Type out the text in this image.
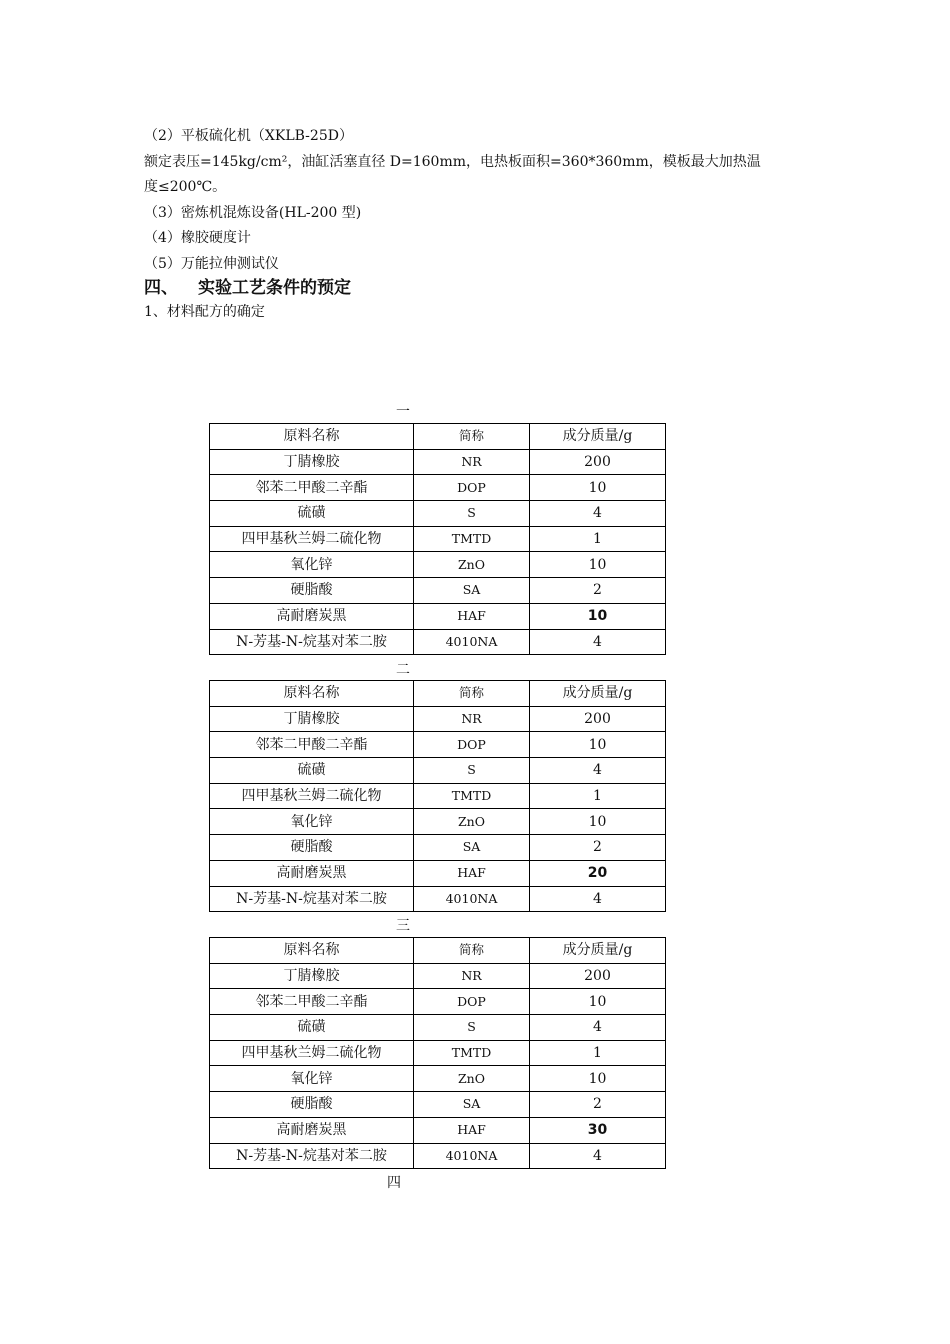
（2）平板硫化机（XKLB-25D）
额定表压=145kg/cm²，油缸活塞直径 D=160mm，电热板面积=360*360mm，模板最大加热温
度≤200℃。
（3）密炼机混炼设备(HL-200 型)
（4）橡胶硬度计
（5）万能拉伸测试仪
四、 实验工艺条件的预定
1、材料配方的确定
一
原料名称	简称	成分质量/g
丁腈橡胶	NR	200
邻苯二甲酸二辛酯	DOP	10
硫磺	S	4
四甲基秋兰姆二硫化物	TMTD	1
氧化锌	ZnO	10
硬脂酸	SA	2
高耐磨炭黑	HAF	10
N-芳基-N-烷基对苯二胺	4010NA	4
二
原料名称	简称	成分质量/g
丁腈橡胶	NR	200
邻苯二甲酸二辛酯	DOP	10
硫磺	S	4
四甲基秋兰姆二硫化物	TMTD	1
氧化锌	ZnO	10
硬脂酸	SA	2
高耐磨炭黑	HAF	20
N-芳基-N-烷基对苯二胺	4010NA	4
三
原料名称	简称	成分质量/g
丁腈橡胶	NR	200
邻苯二甲酸二辛酯	DOP	10
硫磺	S	4
四甲基秋兰姆二硫化物	TMTD	1
氧化锌	ZnO	10
硬脂酸	SA	2
高耐磨炭黑	HAF	30
N-芳基-N-烷基对苯二胺	4010NA	4
四
